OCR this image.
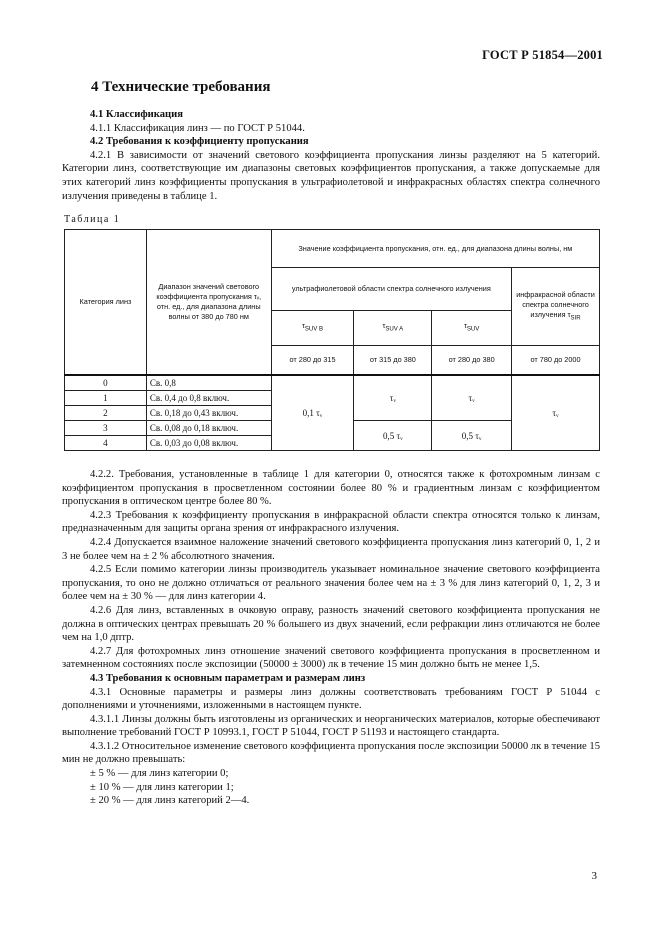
ГОСТ Р 51854—2001
4 Технические требования

4.1 Классификация

4.1.1 Классификация линз — по ГОСТ Р 51044.

4.2 Требования к коэффициенту пропускания

4.2.1 В зависимости от значений светового коэффициента пропускания линзы разделяют на 5 категорий. Категории линз, соответствующие им диапазоны световых коэффициентов пропускания, а также допускаемые для этих категорий линз коэффициенты пропускания в ультрафиолетовой и инфракрасных областях спектра солнечного излучения приведены в таблице 1.

Таблица 1
Категория линз	Диапазон значений светового коэффициента пропускания τᵥ, отн. ед., для диапазона длины волны от 380 до 780 нм	Значение коэффициента пропускания, отн. ед., для диапазона длины волны, нм			
		ультрафиолетовой области спектра солнечного излучения			инфракрасной области спектра солнечного излучения $\tau_{SIR}$
		$\tau_{SUV B}$	$\tau_{SUV A}$	$\tau_{SUV}$
		от 280 до 315	от 315 до 380	от 280 до 380	от 780 до 2000
0	Св. 0,8	0,1 τᵥ	τᵥ	τᵥ	τᵥ
1	Св. 0,4 до 0,8 включ.				
2	Св. 0,18 до 0,43 включ.				
3	Св. 0,08 до 0,18 включ.		0,5 τᵥ	0,5 τᵥ	
4	Св. 0,03 до 0,08 включ.				

4.2.2. Требования, установленные в таблице 1 для категории 0, относятся также к фотохромным линзам с коэффициентом пропускания в просветленном состоянии более 80 % и градиентным линзам с коэффициентом пропускания в оптическом центре более 80 %.

4.2.3 Требования к коэффициенту пропускания в инфракрасной области спектра относятся только к линзам, предназначенным для защиты органа зрения от инфракрасного излучения.

4.2.4 Допускается взаимное наложение значений светового коэффициента пропускания линз категорий 0, 1, 2 и 3 не более чем на ± 2 % абсолютного значения.

4.2.5 Если помимо категории линзы производитель указывает номинальное значение светового коэффициента пропускания, то оно не должно отличаться от реального значения более чем на ± 3 % для линз категорий 0, 1, 2, 3 и более чем на ± 30 % — для линз категории 4.

4.2.6 Для линз, вставленных в очковую оправу, разность значений светового коэффициента пропускания не должна в оптических центрах превышать 20 % большего из двух значений, если рефракции линз отличаются не более чем на 1,0 дптр.

4.2.7 Для фотохромных линз отношение значений светового коэффициента пропускания в просветленном и затемненном состояниях после экспозиции (50000 ± 3000) лк в течение 15 мин должно быть не менее 1,5.

4.3 Требования к основным параметрам и размерам линз

4.3.1 Основные параметры и размеры линз должны соответствовать требованиям ГОСТ Р 51044 с дополнениями и уточнениями, изложенными в настоящем пункте.

4.3.1.1 Линзы должны быть изготовлены из органических и неорганических материалов, которые обеспечивают выполнение требований ГОСТ Р 10993.1, ГОСТ Р 51044, ГОСТ Р 51193 и настоящего стандарта.

4.3.1.2 Относительное изменение светового коэффициента пропускания после экспозиции 50000 лк в течение 15 мин не должно превышать:

± 5 % — для линз категории 0;

± 10 % — для линз категории 1;

± 20 % — для линз категорий 2—4.

3
